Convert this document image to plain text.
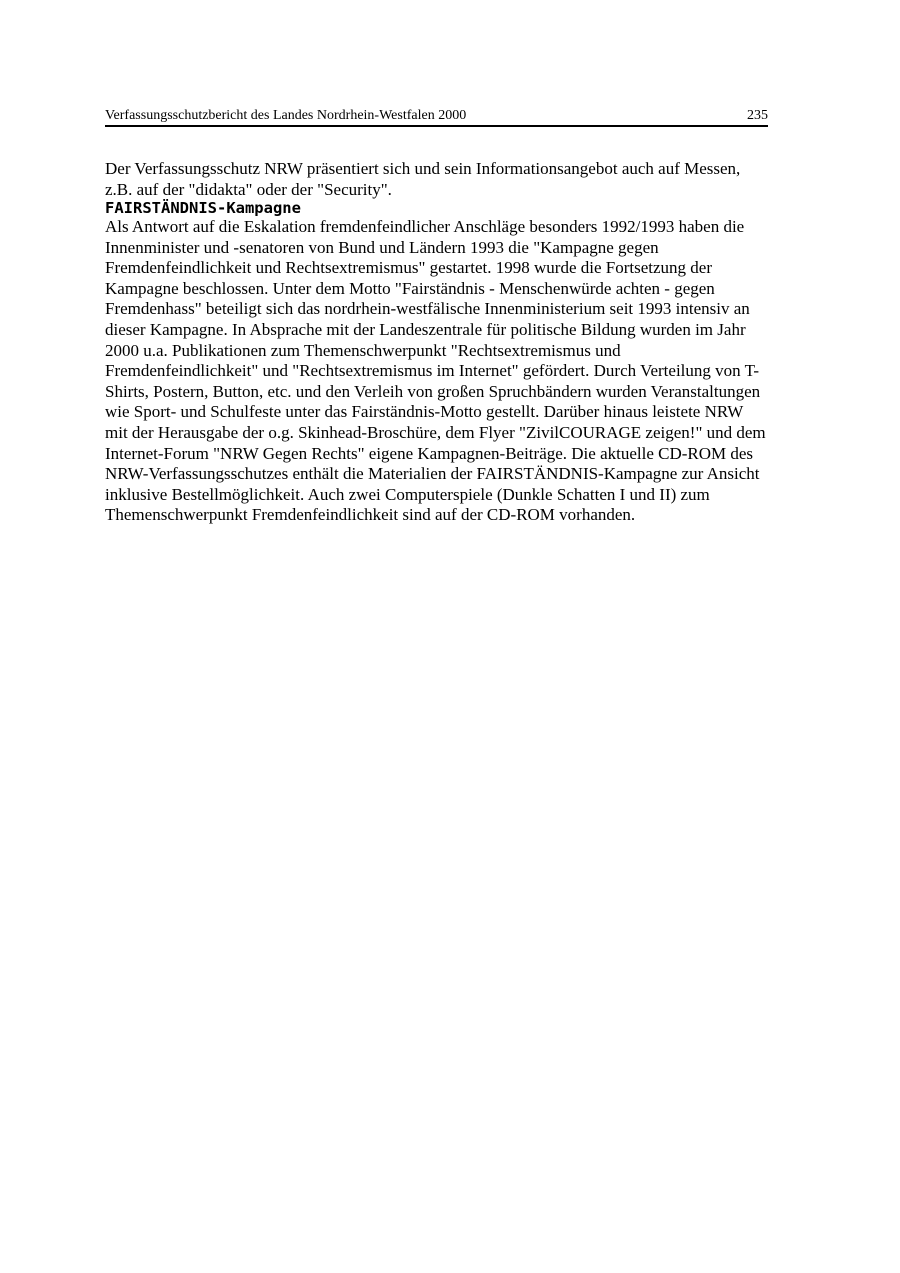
Verfassungsschutzbericht des Landes Nordrhein-Westfalen 2000	235

Der Verfassungsschutz NRW präsentiert sich und sein Informationsangebot auch auf Messen,
z.B. auf der "didakta" oder der "Security".

FAIRSTÄNDNIS-Kampagne

Als Antwort auf die Eskalation fremdenfeindlicher Anschläge besonders 1992/1993 haben die
Innenminister und -senatoren von Bund und Ländern 1993 die "Kampagne gegen
Fremdenfeindlichkeit und Rechtsextremismus" gestartet. 1998 wurde die Fortsetzung der
Kampagne beschlossen. Unter dem Motto "Fairständnis - Menschenwürde achten - gegen
Fremdenhass" beteiligt sich das nordrhein-westfälische Innenministerium seit 1993 intensiv an
dieser Kampagne. In Absprache mit der Landeszentrale für politische Bildung wurden im Jahr
2000 u.a. Publikationen zum Themenschwerpunkt "Rechtsextremismus und
Fremdenfeindlichkeit" und "Rechtsextremismus im Internet" gefördert. Durch Verteilung von T-
Shirts, Postern, Button, etc. und den Verleih von großen Spruchbändern wurden Veranstaltungen
wie Sport- und Schulfeste unter das Fairständnis-Motto gestellt. Darüber hinaus leistete NRW
mit der Herausgabe der o.g. Skinhead-Broschüre, dem Flyer "ZivilCOURAGE zeigen!" und dem
Internet-Forum "NRW Gegen Rechts" eigene Kampagnen-Beiträge. Die aktuelle CD-ROM des
NRW-Verfassungsschutzes enthält die Materialien der FAIRSTÄNDNIS-Kampagne zur Ansicht
inklusive Bestellmöglichkeit. Auch zwei Computerspiele (Dunkle Schatten I und II) zum
Themenschwerpunkt Fremdenfeindlichkeit sind auf der CD-ROM vorhanden.
